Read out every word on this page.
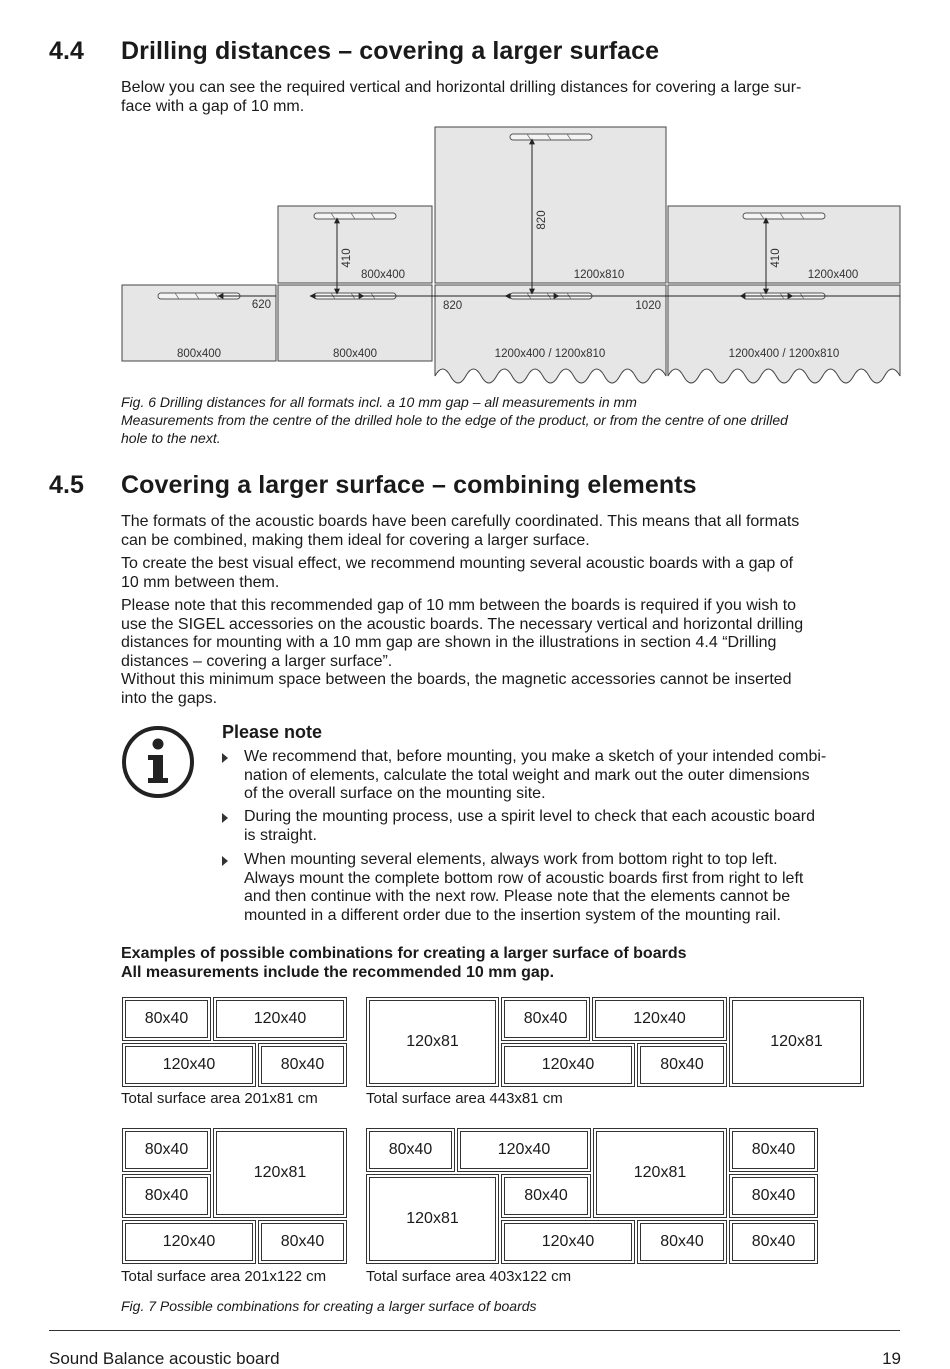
4.4 Drilling distances – covering a larger surface
Below you can see the required vertical and horizontal drilling distances for covering a large sur-
face with a gap of 10 mm.
620	820	1020
410
820
410
800x400	1200x810	1200x400
800x400	800x400	1200x400 / 1200x810	1200x400 / 1200x810
Fig. 6 Drilling distances for all formats incl. a 10 mm gap – all measurements in mm
Measurements from the centre of the drilled hole to the edge of the product, or from the centre of one drilled
hole to the next.
4.5 Covering a larger surface – combining elements
The formats of the acoustic boards have been carefully coordinated. This means that all formats
can be combined, making them ideal for covering a larger surface.
To create the best visual effect, we recommend mounting several acoustic boards with a gap of
10 mm between them.
Please note that this recommended gap of 10 mm between the boards is required if you wish to
use the SIGEL accessories on the acoustic boards. The necessary vertical and horizontal drilling
distances for mounting with a 10 mm gap are shown in the illustrations in section 4.4 “Drilling
distances – covering a larger surface”.
Without this minimum space between the boards, the magnetic accessories cannot be inserted
into the gaps.
Please note
We recommend that, before mounting, you make a sketch of your intended combi-
nation of elements, calculate the total weight and mark out the outer dimensions
of the overall surface on the mounting site.
During the mounting process, use a spirit level to check that each acoustic board
is straight.
When mounting several elements, always work from bottom right to top left.
Always mount the complete bottom row of acoustic boards first from right to left
and then continue with the next row. Please note that the elements cannot be
mounted in a different order due to the insertion system of the mounting rail.
Examples of possible combinations for creating a larger surface of boards
All measurements include the recommended 10 mm gap.
80x40	120x40
120x40	80x40
Total surface area 201x81 cm
120x81
80x40	120x40
120x40	80x40
120x81
Total surface area 443x81 cm
80x40
80x40
120x81
120x40	80x40
Total surface area 201x122 cm
80x40	120x40
120x81
80x40
80x40
120x81
80x40
80x40
120x40	80x40
Total surface area 403x122 cm
Fig. 7 Possible combinations for creating a larger surface of boards
Sound Balance acoustic board	19
